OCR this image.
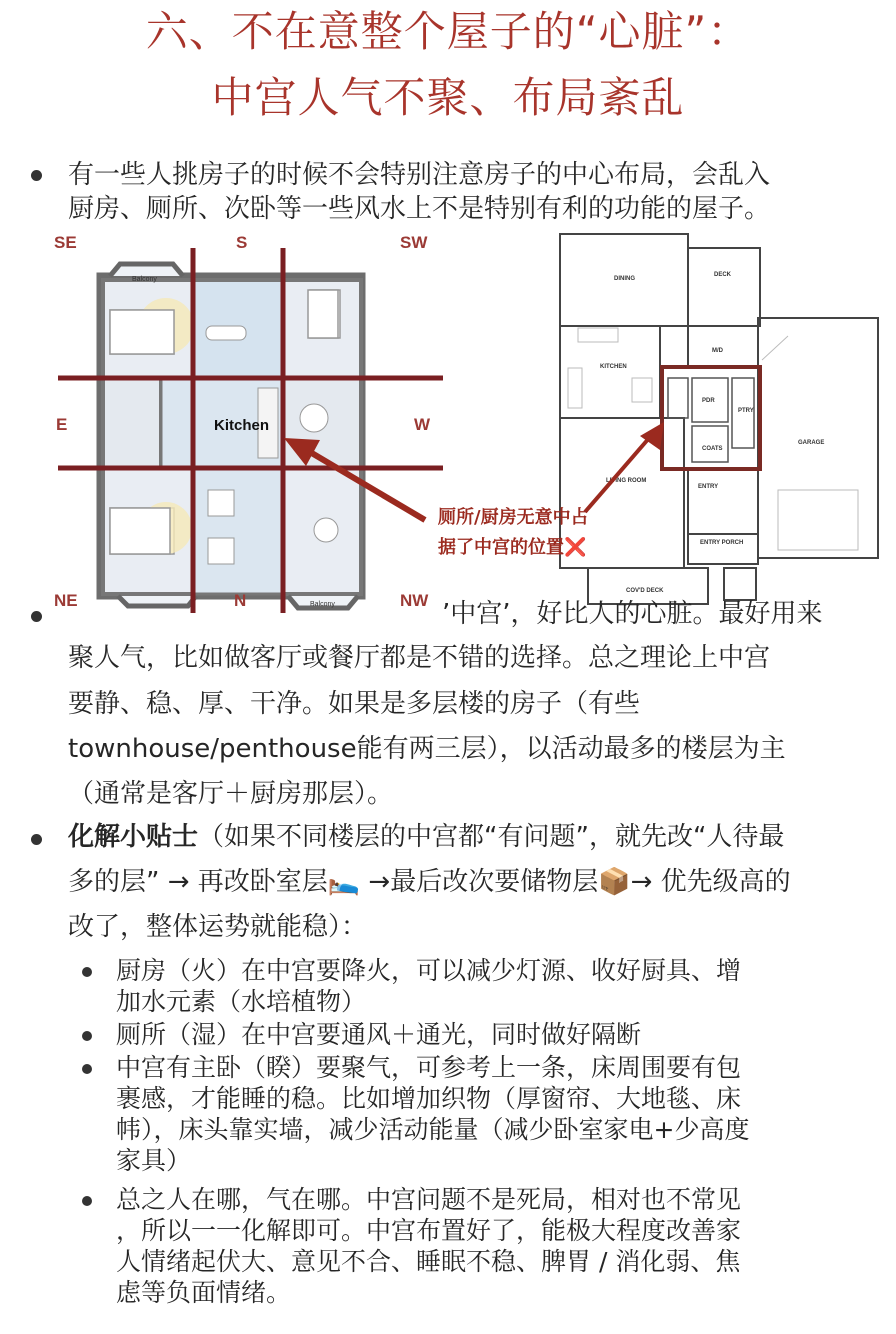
六、不在意整个屋子的“心脏”：
中宫人气不聚、布局紊乱
有一些人挑房子的时候不会特别注意房子的中心布局，会乱入
厨房、厕所、次卧等一些风水上不是特别有利的功能的屋子。
SE	S	SW
E	W
NE	N	NW
Kitchen
Balcony
Balcony
DINING
DECK
KITCHEN
M/D
PDR
COATS
PTRY
GARAGE
LIVING ROOM
ENTRY
ENTRY PORCH
COV'D DECK
厕所/厨房无意中占
据了中宫的位置❌
’中宫’，好比人的心脏。最好用来
聚人气，比如做客厅或餐厅都是不错的选择。总之理论上中宫
要静、稳、厚、干净。如果是多层楼的房子（有些
townhouse/penthouse能有两三层），以活动最多的楼层为主
（通常是客厅＋厨房那层）。
化解小贴士（如果不同楼层的中宫都“有问题”，就先改“人待最
多的层” → 再改卧室层🛌 →最后改次要储物层📦→ 优先级高的
改了，整体运势就能稳）：
厨房（火）在中宫要降火，可以减少灯源、收好厨具、增
加水元素（水培植物）
厕所（湿）在中宫要通风＋通光，同时做好隔断
中宫有主卧（睽）要聚气，可参考上一条，床周围要有包
裹感，才能睡的稳。比如增加织物（厚窗帘、大地毯、床
帏），床头靠实墙，减少活动能量（减少卧室家电+少高度
家具）
总之人在哪，气在哪。中宫问题不是死局，相对也不常见
，所以一一化解即可。中宫布置好了，能极大程度改善家
人情绪起伏大、意见不合、睡眠不稳、脾胃 / 消化弱、焦
虑等负面情绪。
